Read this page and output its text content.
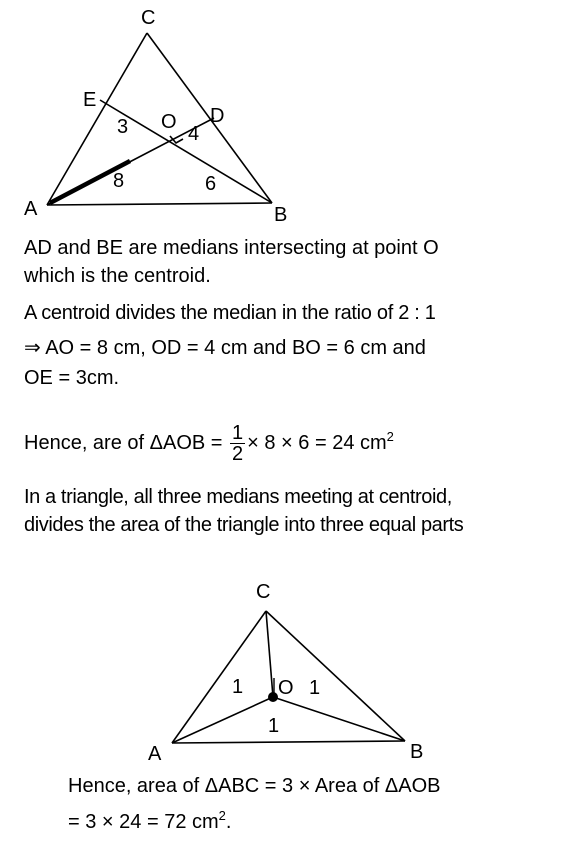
C
E
D
O
A	B
3	4
8	6
AD and BE are medians intersecting at point O
which is the centroid.
A centroid divides the median in the ratio of 2 : 1
⇒ AO = 8 cm, OD = 4 cm and BO = 6 cm and
OE = 3cm.
Hence, are of $\Delta AOB = \frac{1}{2} \times 8 \times 6 = 24$ $cm^2$
In a triangle, all three medians meeting at centroid,
divides the area of the triangle into three equal parts
C
O
A	B
1	1
1
Hence, area of ΔABC = 3 × Area of ΔAOB
= 3 × 24 = 72 $cm^2$.
